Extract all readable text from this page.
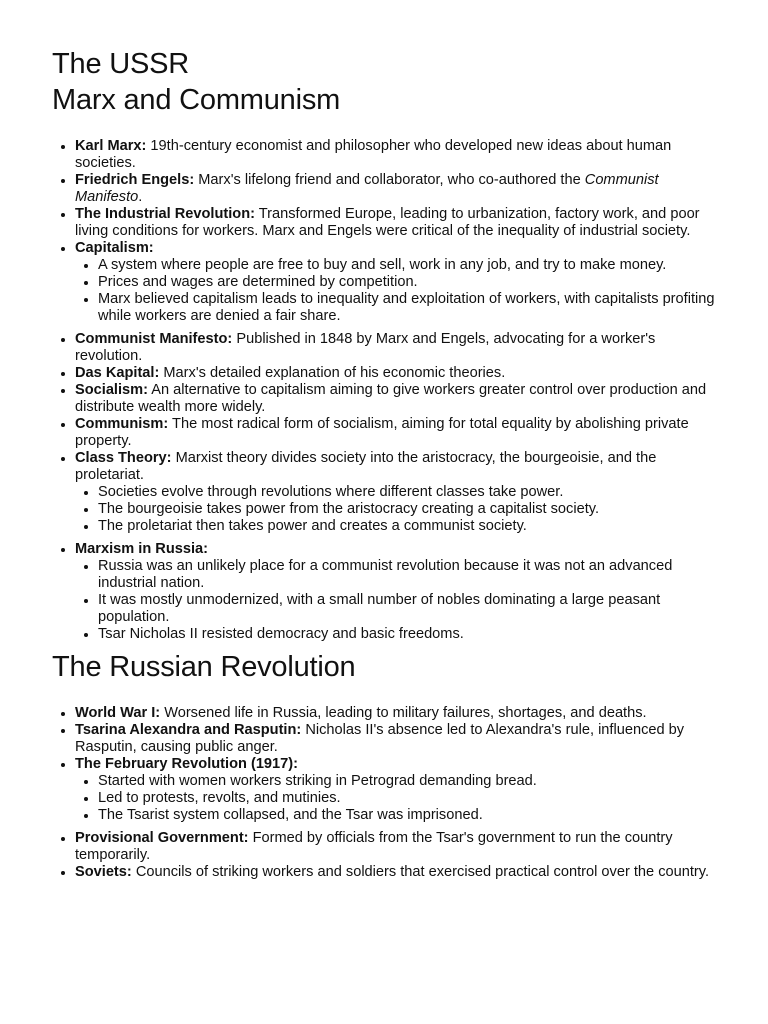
The USSR
Marx and Communism
• Karl Marx: 19th-century economist and philosopher who developed new ideas about human societies.
• Friedrich Engels: Marx's lifelong friend and collaborator, who co-authored the Communist Manifesto.
• The Industrial Revolution: Transformed Europe, leading to urbanization, factory work, and poor living conditions for workers. Marx and Engels were critical of the inequality of industrial society.
• Capitalism:
• A system where people are free to buy and sell, work in any job, and try to make money.
• Prices and wages are determined by competition.
• Marx believed capitalism leads to inequality and exploitation of workers, with capitalists profiting while workers are denied a fair share.
• Communist Manifesto: Published in 1848 by Marx and Engels, advocating for a worker's revolution.
• Das Kapital: Marx's detailed explanation of his economic theories.
• Socialism: An alternative to capitalism aiming to give workers greater control over production and distribute wealth more widely.
• Communism: The most radical form of socialism, aiming for total equality by abolishing private property.
• Class Theory: Marxist theory divides society into the aristocracy, the bourgeoisie, and the proletariat.
• Societies evolve through revolutions where different classes take power.
• The bourgeoisie takes power from the aristocracy creating a capitalist society.
• The proletariat then takes power and creates a communist society.
• Marxism in Russia:
• Russia was an unlikely place for a communist revolution because it was not an advanced industrial nation.
• It was mostly unmodernized, with a small number of nobles dominating a large peasant population.
• Tsar Nicholas II resisted democracy and basic freedoms.
The Russian Revolution
• World War I: Worsened life in Russia, leading to military failures, shortages, and deaths.
• Tsarina Alexandra and Rasputin: Nicholas II's absence led to Alexandra's rule, influenced by Rasputin, causing public anger.
• The February Revolution (1917):
• Started with women workers striking in Petrograd demanding bread.
• Led to protests, revolts, and mutinies.
• The Tsarist system collapsed, and the Tsar was imprisoned.
• Provisional Government: Formed by officials from the Tsar's government to run the country temporarily.
• Soviets: Councils of striking workers and soldiers that exercised practical control over the country.
